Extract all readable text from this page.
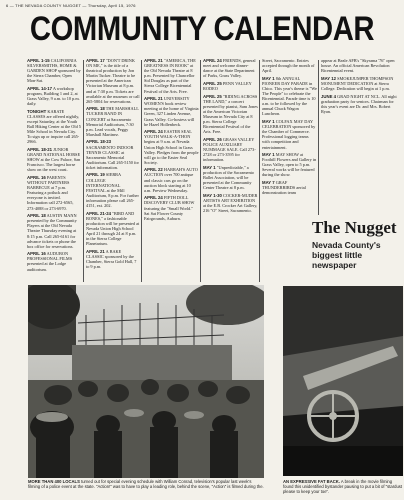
6 — THE NEVADA COUNTY NUGGET — Thursday, April 15, 1976
COMMUNITY CALENDAR

APRIL 1-15 CALIFORNIA SILVERSMITHS, HOME & GARDEN SHOP sponsored by the Sierra Chamber, Open Mon-Sat.

APRIL 14-17 A workshop program, Building 1 and 2, at Grass Valley, 9 a.m. to 10 p.m. daily.

TONIGHT KARATE CLASSES are offered nightly, except Saturday, at the Youth Ball Hiking Center at the Old 5 Mile School in Nevada City. To sign up or inquire call 265-2966.

APRIL 18-21 JUNIOR GRAND NATIONAL HORSE SHOW at the Cow Palace, San Francisco. The largest horse show on the west coast.

APRIL 16 PARENTS WITHOUT PARTNERS BARBECUE at 7 p.m. Featuring a potluck and everyone is invited. Information call 272-6565, 273-4088 or 273-6970.

APRIL 18 AUSTIN MANN presented by the Community Players at the Old Nevada Theatre Thursday evening at 8:15 p.m. Call 265-6161 for advance tickets or phone the box office for reservations.

APRIL 16 AUDUBON PROFESSIONAL FILMS presented at the Lodge auditorium.

APRIL 17 "DON'T DRINK ON ME," is the title of a theatrical production by Jon Martin Tucker. Theatre to be presented at the American Victorian Museum at 8 p.m. and at 7:30 p.m. Tickets are available at the museum or call 265-5804 for reservations.

APRIL 18 THE MARSHALL TUCKER BAND IN CONCERT at Sacramento Memorial Auditorium, 7:30 p.m. Lead vocals, Peggy Marshall Martinez.

APRIL 18-23 SACRAMENTO INDOOR TENNIS CLASSIC at Sacramento Memorial Auditorium. Call 265-5150 for ticket information.

APRIL 19 SIERRA COLLEGE INTERNATIONAL FESTIVAL at the Mill Auditorium, 8 p.m. For further information please call 265-4151, ext. 202.

APRIL 21-24 "BIRD AND BONES," a fashionable production will be presented at Nevada Union High School April 21 through 24 at 8 p.m. in the Sierra College Planetarium.

APRIL 21 A BAKE CLASSIC sponsored by the Chamber, Sierra Gold Hall, 7 to 9 p.m.

APRIL 21 "AMERICA, THE GREATNESS IN BOOK" at the Old Nevada Theatre at 8 p.m. Presented by Chancellor Sid Douglas as part of the Sierra College Bicentennial Festival of the Arts. Free.

APRIL 21 UNIVERSITY WOMEN'S book review meeting at the home of Virginia Green, 327 Linden Avenue, Grass Valley. Co-hostess will be Hazel Hollenbeck.

APRIL 24 EASTER SEAL YOUTH WALK-A-THON begins at 9 a.m. at Nevada Union High School in Grass Valley. Pledges from the people will go to the Easter Seal Society.

APRIL 22 HARRAH'S AUTO AUCTION over 700 antique and classic cars go on the auction block starting at 10 a.m. Preview Wednesday.

APRIL 24 FIFTH DOLL DISCOVERY CLUB SHOW featuring the "Small World." Sat Sat Flower County Fairgrounds, Auburn.

APRIL 24 FRIENDS, general meet and welcome dinner-dance at the State Department of Parks, Grass Valley.

APRIL 25 PENN VALLEY RODEO

APRIL 25 "RIDING ACROSS THE LAND," a concert presented by pianist, Sam Jones at the American Victorian Museum in Nevada City at 8 p.m. Sierra College Bicentennial Festival of the Arts. Free.

APRIL 26 GRASS VALLEY POLICE AUXILIARY NUMMAGE SALE. Call 273-2728 or 273-3595 for information.

MAY 1 "Unpredictable," a production of the Sacramento Ballet Association, will be presented at the Community Center Theatre at 8 p.m.

MAY 1-30 COCKER-MUDER ARTISTS ART EXHIBITION at the E.B. Crocker Art Gallery, 216 "O" Street, Sacramento.

Street, Sacramento. Entries accepted through the month of April.

MAY 1 8th ANNUAL PIONEER DAY PARADE in Chico. This year's theme is "We The People" to celebrate the Bicentennial. Parade time is 10 a.m. to be followed by the annual Chuck Wagon Luncheon.

MAY 1 COLFAX MAY DAY CELEBRATION sponsored by the Chamber of Commerce. Professional logging teams with competition and entertainment.

MAY 1 MAY SHOW at Foothill Flowers and Gallery in Grass Valley, open to 5 p.m. Several works will be featured during the show.

MAY 7 GRAF THUNDERBIRDS aerial demonstration team

appear at Beale AFB's "Skyrama '76" open house. An official American Revolution Bicentennial event.

MAY 12 SMOKEJUMPER THOMPSON MONUMENT DEDICATION at Sierra College. Dedication will begin at 1 p.m.

JUNE 4 GRAD NIGHT AT NCL. All night graduation party for seniors. Chairman for this year's event are Dr. and Mrs. Robert Ryan.

The Nugget
Nevada County's biggest little newspaper
MORE THAN 400 LOCALS turned out for special evening schedule with William Conrad, television's popular last week's filming of a police event at the state. "Action!" was to have to play a leading role, behind the scene, "Action" is filmed during the.
AN EXPRESSIVE FAT BACK. A break in the movie filming found this unidentified bystander pausing to put a bit of "stardust please to keep your toe".
